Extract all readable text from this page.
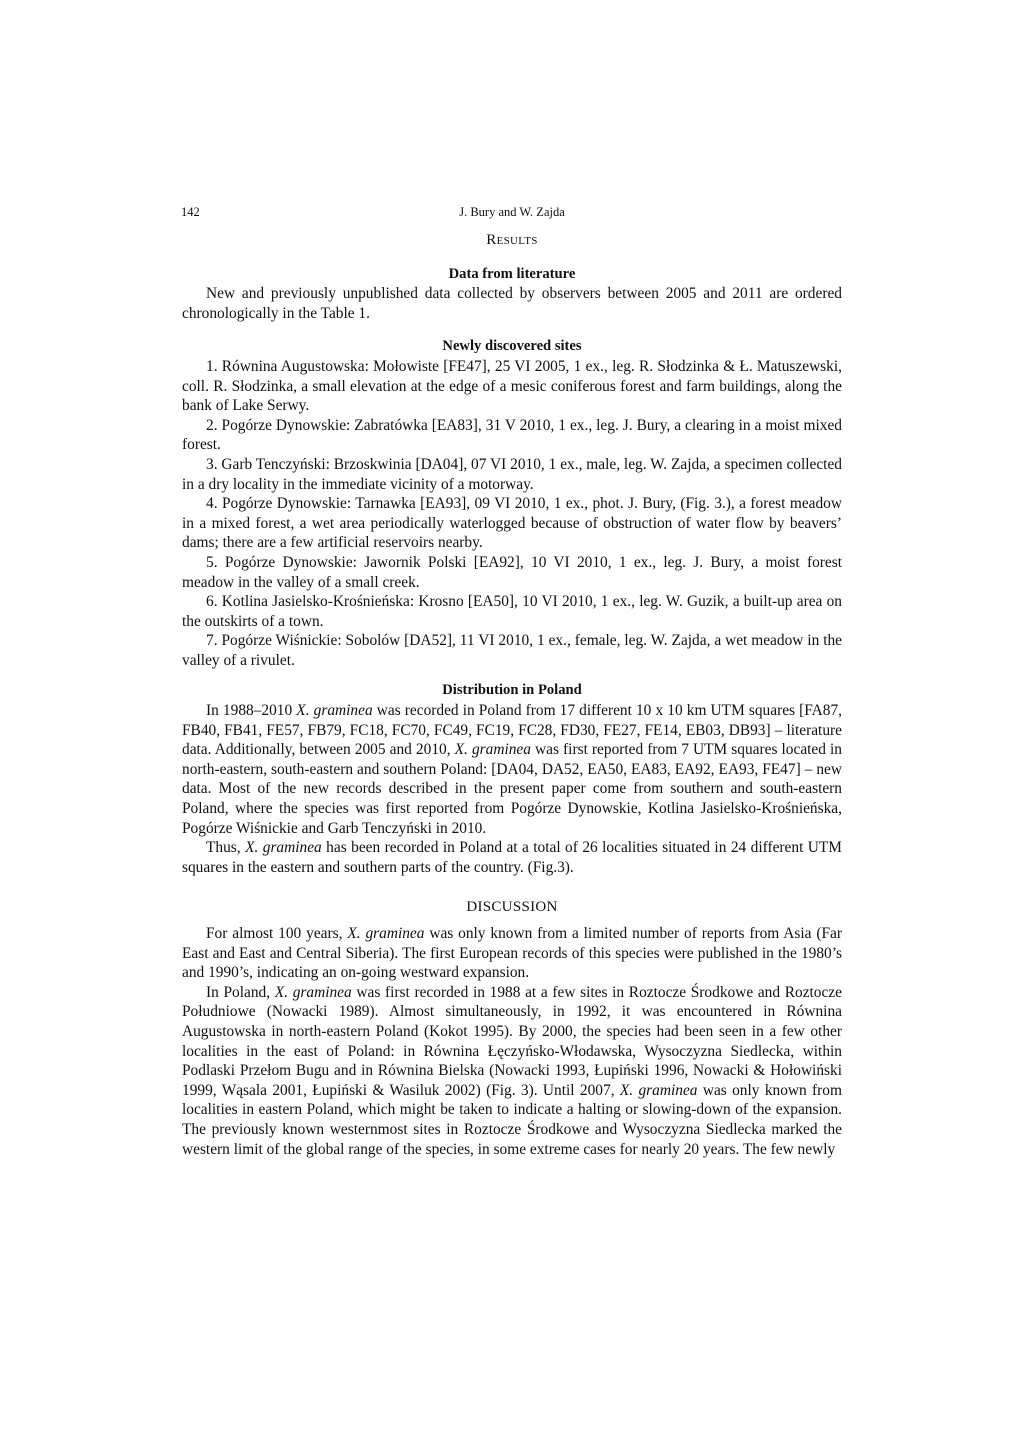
142	J. Bury and W. Zajda
Results
Data from literature

New and previously unpublished data collected by observers between 2005 and 2011 are ordered chronologically in the Table 1.

Newly discovered sites

1. Równina Augustowska: Mołowiste [FE47], 25 VI 2005, 1 ex., leg. R. Słodzinka & Ł. Matuszewski, coll. R. Słodzinka, a small elevation at the edge of a mesic coniferous forest and farm buildings, along the bank of Lake Serwy.

2. Pogórze Dynowskie: Zabratówka [EA83], 31 V 2010, 1 ex., leg. J. Bury, a clearing in a moist mixed forest.

3. Garb Tenczyński: Brzoskwinia [DA04], 07 VI 2010, 1 ex., male, leg. W. Zajda, a specimen collected in a dry locality in the immediate vicinity of a motorway.

4. Pogórze Dynowskie: Tarnawka [EA93], 09 VI 2010, 1 ex., phot. J. Bury, (Fig. 3.), a forest meadow in a mixed forest, a wet area periodically waterlogged because of obstruction of water flow by beavers’ dams; there are a few artificial reservoirs nearby.

5. Pogórze Dynowskie: Jawornik Polski [EA92], 10 VI 2010, 1 ex., leg. J. Bury, a moist forest meadow in the valley of a small creek.

6. Kotlina Jasielsko-Krośnieńska: Krosno [EA50], 10 VI 2010, 1 ex., leg. W. Guzik, a built-up area on the outskirts of a town.

7. Pogórze Wiśnickie: Sobolów [DA52], 11 VI 2010, 1 ex., female, leg. W. Zajda, a wet meadow in the valley of a rivulet.

Distribution in Poland

In 1988–2010 X. graminea was recorded in Poland from 17 different 10 x 10 km UTM squares [FA87, FB40, FB41, FE57, FB79, FC18, FC70, FC49, FC19, FC28, FD30, FE27, FE14, EB03, DB93] – literature data. Additionally, between 2005 and 2010, X. graminea was first reported from 7 UTM squares located in north-eastern, south-eastern and southern Poland: [DA04, DA52, EA50, EA83, EA92, EA93, FE47] – new data. Most of the new records described in the present paper come from southern and south-eastern Poland, where the species was first reported from Pogórze Dynowskie, Kotlina Jasielsko-Krośnieńska, Pogórze Wiśnickie and Garb Tenczyński in 2010.

Thus, X. graminea has been recorded in Poland at a total of 26 localities situated in 24 different UTM squares in the eastern and southern parts of the country. (Fig.3).

DISCUSSION

For almost 100 years, X. graminea was only known from a limited number of reports from Asia (Far East and East and Central Siberia). The first European records of this species were published in the 1980’s and 1990’s, indicating an on-going westward expansion.

In Poland, X. graminea was first recorded in 1988 at a few sites in Roztocze Środkowe and Roztocze Południowe (Nowacki 1989). Almost simultaneously, in 1992, it was encountered in Równina Augustowska in north-eastern Poland (Kokot 1995). By 2000, the species had been seen in a few other localities in the east of Poland: in Równina Łęczyńsko-Włodawska, Wysoczyzna Siedlecka, within Podlaski Przełom Bugu and in Równina Bielska (Nowacki 1993, Łupiński 1996, Nowacki & Hołowiński 1999, Wąsala 2001, Łupiński & Wasiluk 2002) (Fig. 3). Until 2007, X. graminea was only known from localities in eastern Poland, which might be taken to indicate a halting or slowing-down of the expansion. The previously known westernmost sites in Roztocze Środkowe and Wysoczyzna Siedlecka marked the western limit of the global range of the species, in some extreme cases for nearly 20 years. The few newly
